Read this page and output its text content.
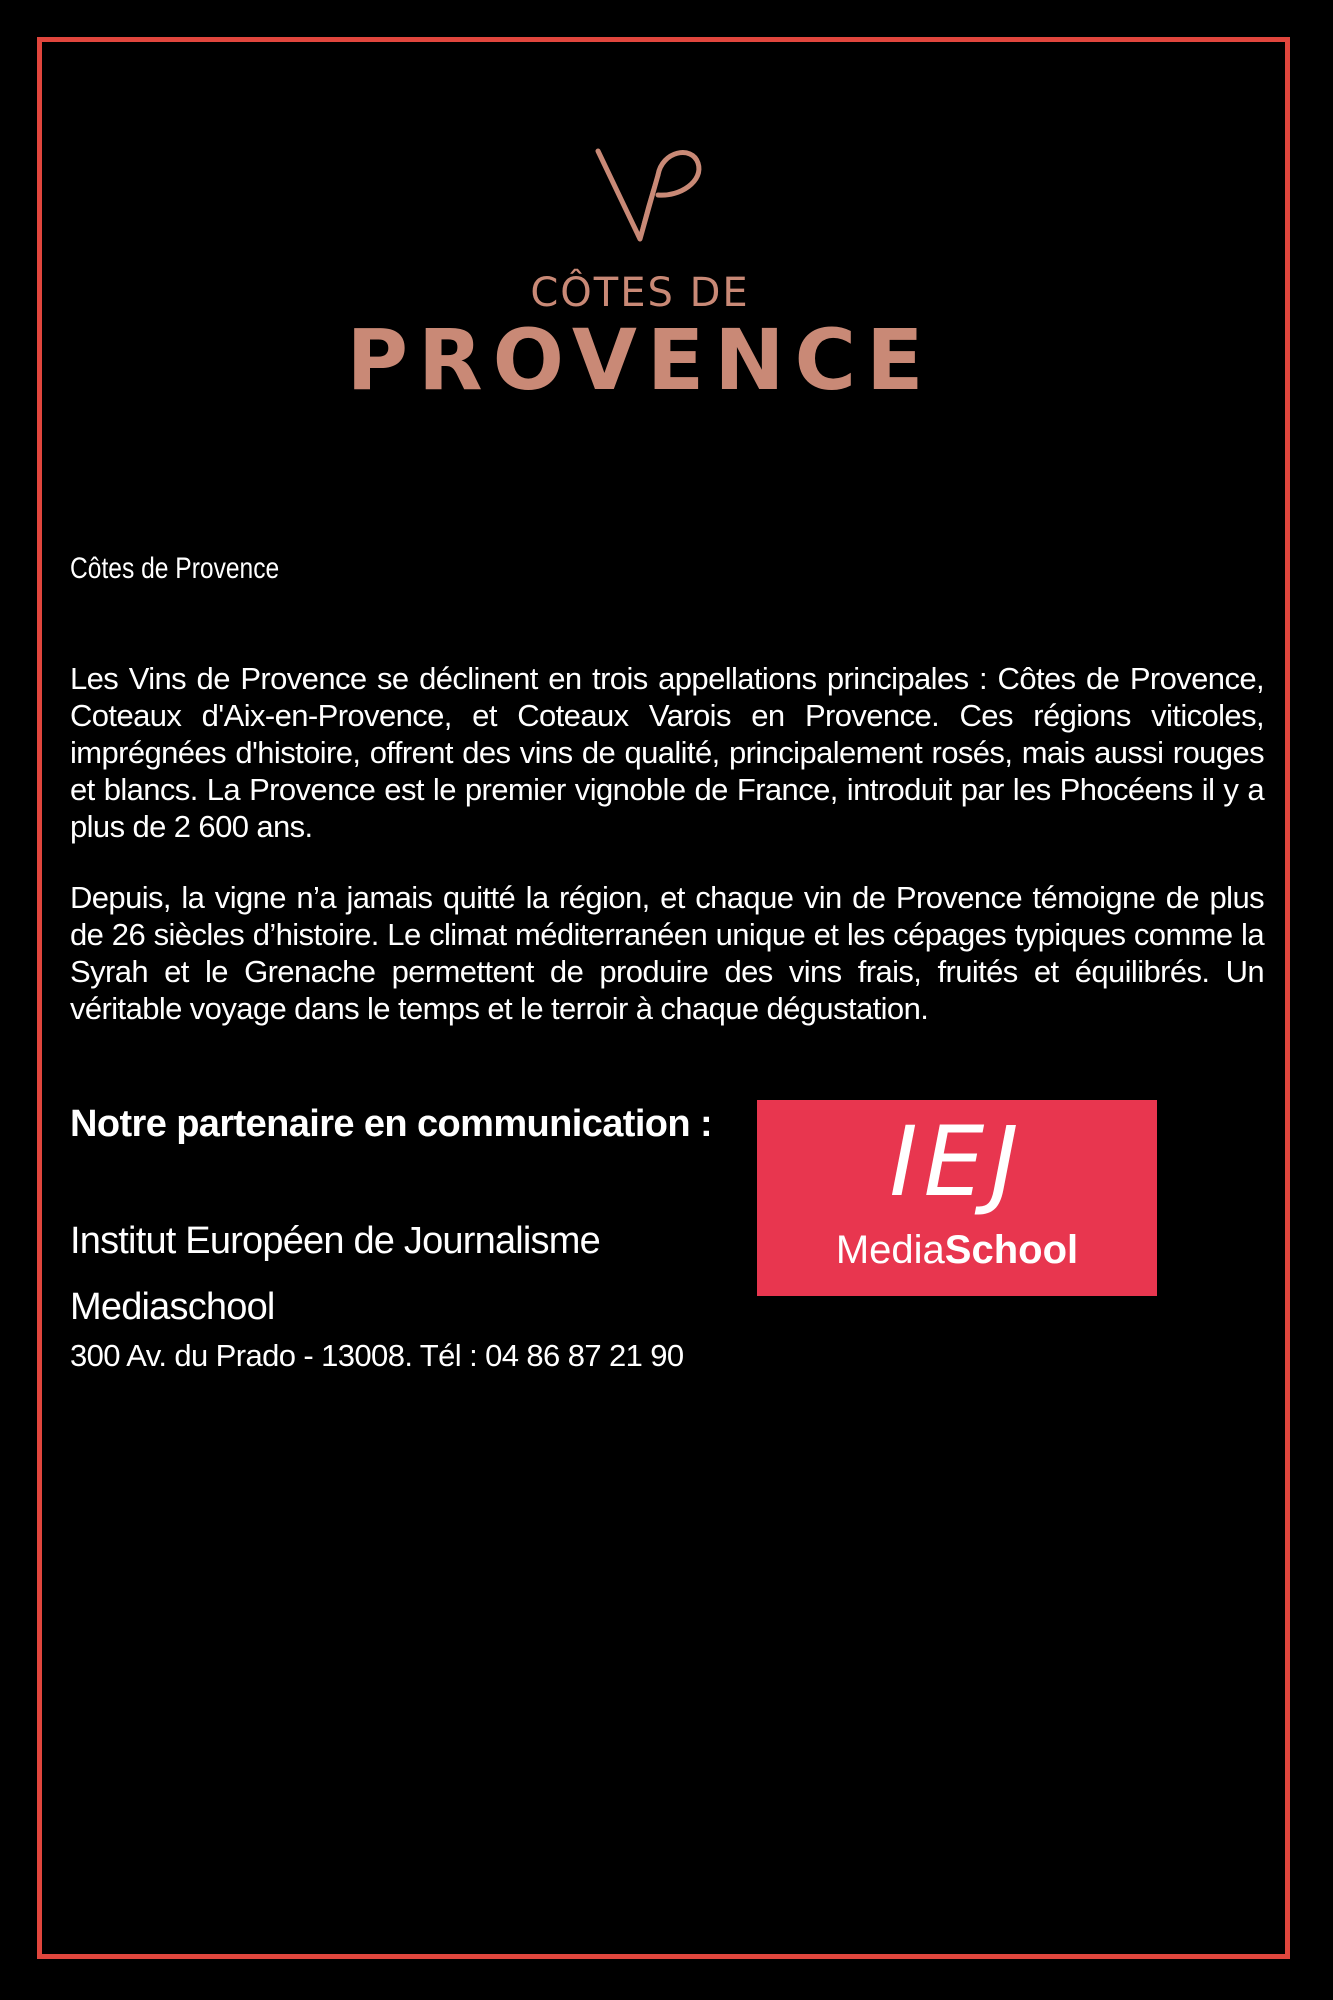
CÔTES DE
PROVENCE
Côtes de Provence

Les Vins de Provence se déclinent en trois appellations principales : Côtes de Provence, Coteaux d'Aix-en-Provence, et Coteaux Varois en Provence. Ces régions viticoles, imprégnées d'histoire, offrent des vins de qualité, principalement rosés, mais aussi rouges et blancs. La Provence est le premier vignoble de France, introduit par les Phocéens il y a plus de 2 600 ans.

Depuis, la vigne n’a jamais quitté la région, et chaque vin de Provence témoigne de plus de 26 siècles d’histoire. Le climat méditerranéen unique et les cépages typiques comme la Syrah et le Grenache permettent de produire des vins frais, fruités et équilibrés. Un véritable voyage dans le temps et le terroir à chaque dégustation.

Notre partenaire en communication :
Institut Européen de Journalisme
Mediaschool
300 Av. du Prado - 13008. Tél : 04 86 87 21 90
IEJ
MediaSchool
